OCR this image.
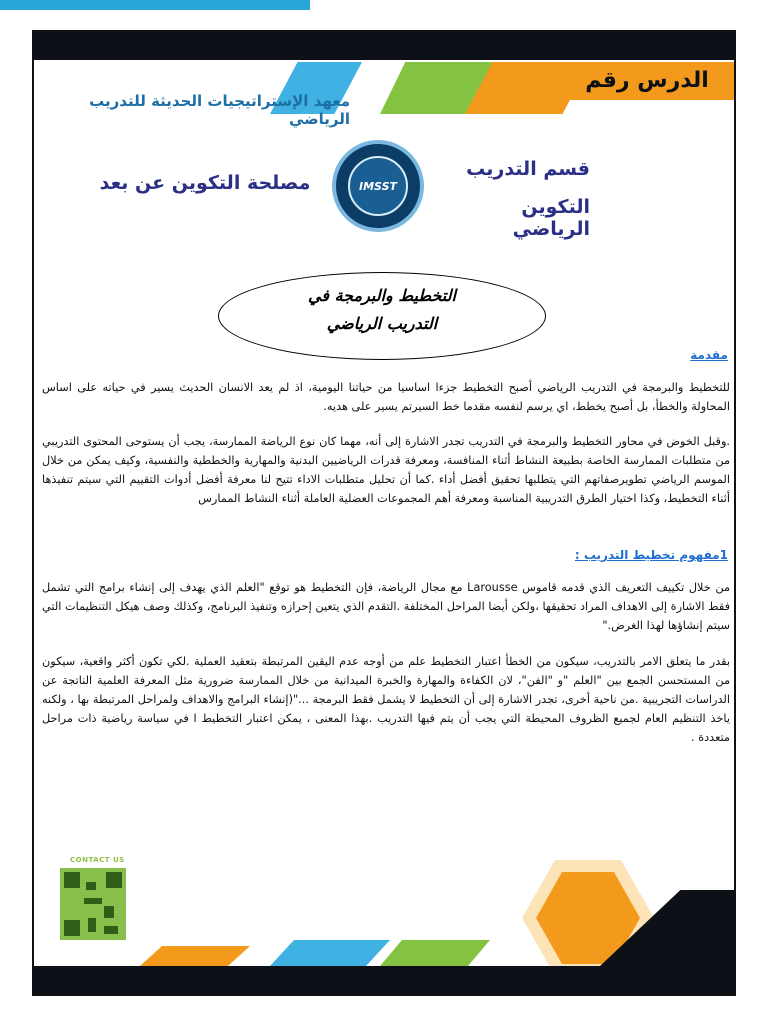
الدرس رقم
معهد الإستراتيجيات الحديثة للتدريب الرياضي
IMSST
قسم التدريب
التكوين الرياضي
مصلحة التكوين عن بعد
التخطيط والبرمجة في
التدريب الرياضي
مقدمة
للتخطيط والبرمجة في التدريب الرياضي أصبح التخطيط جزءا اساسيا من حياتنا اليومية، اذ لم يعد الانسان الحديث يسير في حياته على اساس المحاولة والخطأ، بل أصبح يخطط، اي يرسم لنفسه مقدما خط السيرتم يسير على هديه.
.وقبل الخوض في محاور التخطيط والبرمجة في التدريب تجدر الاشارة إلى أنه، مهما كان نوع الرياضة الممارسة، يجب أن يستوحى المحتوى التدريبي من متطلبات الممارسة الخاصة بطبيعة النشاط أثناء المنافسة، ومعرفة قدرات الرياضيين البدنية والمهارية والخططية والنفسية، وكيف يمكن من خلال الموسم الرياضي تطويرصفاتهم التي يتطلبها تحقيق أفضل أداء .كما أن تحليل متطلبات الاداء تتيح لنا معرفة أفضل أدوات التقييم التي سيتم تنفيذها أثناء التخطيط، وكذا اختيار الطرق التدريبية المناسبة ومعرفة أهم المجموعات العضلية العاملة أثناء النشاط الممارس
1مفهوم تخطيط التدريب :
من خلال تكييف التعريف الذي قدمه قاموس Larousse مع مجال الرياضة، فإن التخطيط هو توقع "العلم الذي يهدف إلى إنشاء برامج التي تشمل فقط الاشارة إلى الاهداف المراد تحقيقها ،ولكن أيضا المراحل المختلفة .التقدم الذي يتعين إحرازه وتنفيذ البرنامج، وكذلك وصف هيكل التنظيمات التي سيتم إنشاؤها لهذا الغرض."
بقدر ما يتعلق الامر بالتدريب، سيكون من الخطأ اعتبار التخطيط علم من أوجه عدم اليقين المرتبطة بتعقيد العملية .لكي تكون أكثر واقعية، سيكون من المستحسن الجمع بين "العلم "و "الفن"، لان الكفاءة والمهارة والخبرة الميدانية من خلال الممارسة ضرورية مثل المعرفة العلمية الناتجة عن الدراسات التجريبية .من ناحية أخرى، تجدر الاشارة إلى أن التخطيط لا يشمل فقط البرمجة ..."(إنشاء البرامج والاهداف ولمراحل المرتبطة بها ، ولكنه ياخذ التنظيم العام لجميع الظروف المحيطة التي يجب أن يتم فيها التدريب .بهذا المعنى ، يمكن اعتبار التخطيط ا في سياسة رياضية ذات مراحل متعددة .
CONTACT US
